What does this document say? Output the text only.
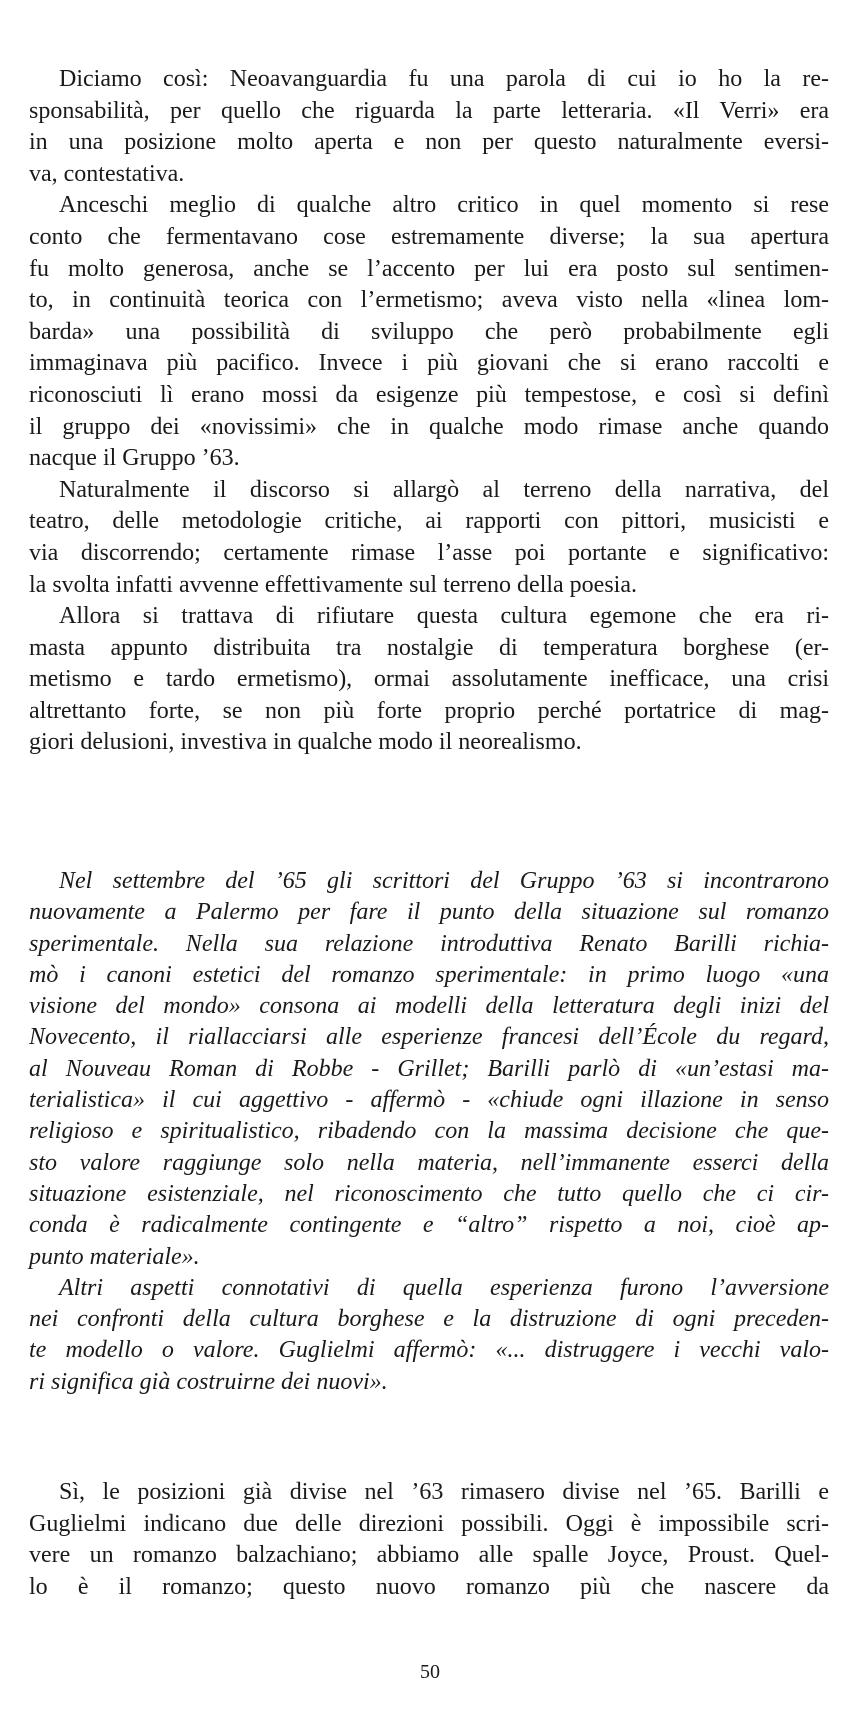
Diciamo così: Neoavanguardia fu una parola di cui io ho la re-
sponsabilità, per quello che riguarda la parte letteraria. «Il Verri» era
in una posizione molto aperta e non per questo naturalmente eversi-
va, contestativa.
Anceschi meglio di qualche altro critico in quel momento si rese
conto che fermentavano cose estremamente diverse; la sua apertura
fu molto generosa, anche se l’accento per lui era posto sul sentimen-
to, in continuità teorica con l’ermetismo; aveva visto nella «linea lom-
barda» una possibilità di sviluppo che però probabilmente egli
immaginava più pacifico. Invece i più giovani che si erano raccolti e
riconosciuti lì erano mossi da esigenze più tempestose, e così si definì
il gruppo dei «novissimi» che in qualche modo rimase anche quando
nacque il Gruppo ’63.
Naturalmente il discorso si allargò al terreno della narrativa, del
teatro, delle metodologie critiche, ai rapporti con pittori, musicisti e
via discorrendo; certamente rimase l’asse poi portante e significativo:
la svolta infatti avvenne effettivamente sul terreno della poesia.
Allora si trattava di rifiutare questa cultura egemone che era ri-
masta appunto distribuita tra nostalgie di temperatura borghese (er-
metismo e tardo ermetismo), ormai assolutamente inefficace, una crisi
altrettanto forte, se non più forte proprio perché portatrice di mag-
giori delusioni, investiva in qualche modo il neorealismo.
Nel settembre del ’65 gli scrittori del Gruppo ’63 si incontrarono
nuovamente a Palermo per fare il punto della situazione sul romanzo
sperimentale. Nella sua relazione introduttiva Renato Barilli richia-
mò i canoni estetici del romanzo sperimentale: in primo luogo «una
visione del mondo» consona ai modelli della letteratura degli inizi del
Novecento, il riallacciarsi alle esperienze francesi dell’École du regard,
al Nouveau Roman di Robbe - Grillet; Barilli parlò di «un’estasi ma-
terialistica» il cui aggettivo - affermò - «chiude ogni illazione in senso
religioso e spiritualistico, ribadendo con la massima decisione che que-
sto valore raggiunge solo nella materia, nell’immanente esserci della
situazione esistenziale, nel riconoscimento che tutto quello che ci cir-
conda è radicalmente contingente e “altro” rispetto a noi, cioè ap-
punto materiale».
Altri aspetti connotativi di quella esperienza furono l’avversione
nei confronti della cultura borghese e la distruzione di ogni preceden-
te modello o valore. Guglielmi affermò: «... distruggere i vecchi valo-
ri significa già costruirne dei nuovi».
Sì, le posizioni già divise nel ’63 rimasero divise nel ’65. Barilli e
Guglielmi indicano due delle direzioni possibili. Oggi è impossibile scri-
vere un romanzo balzachiano; abbiamo alle spalle Joyce, Proust. Quel-
lo è il romanzo; questo nuovo romanzo più che nascere da
50
